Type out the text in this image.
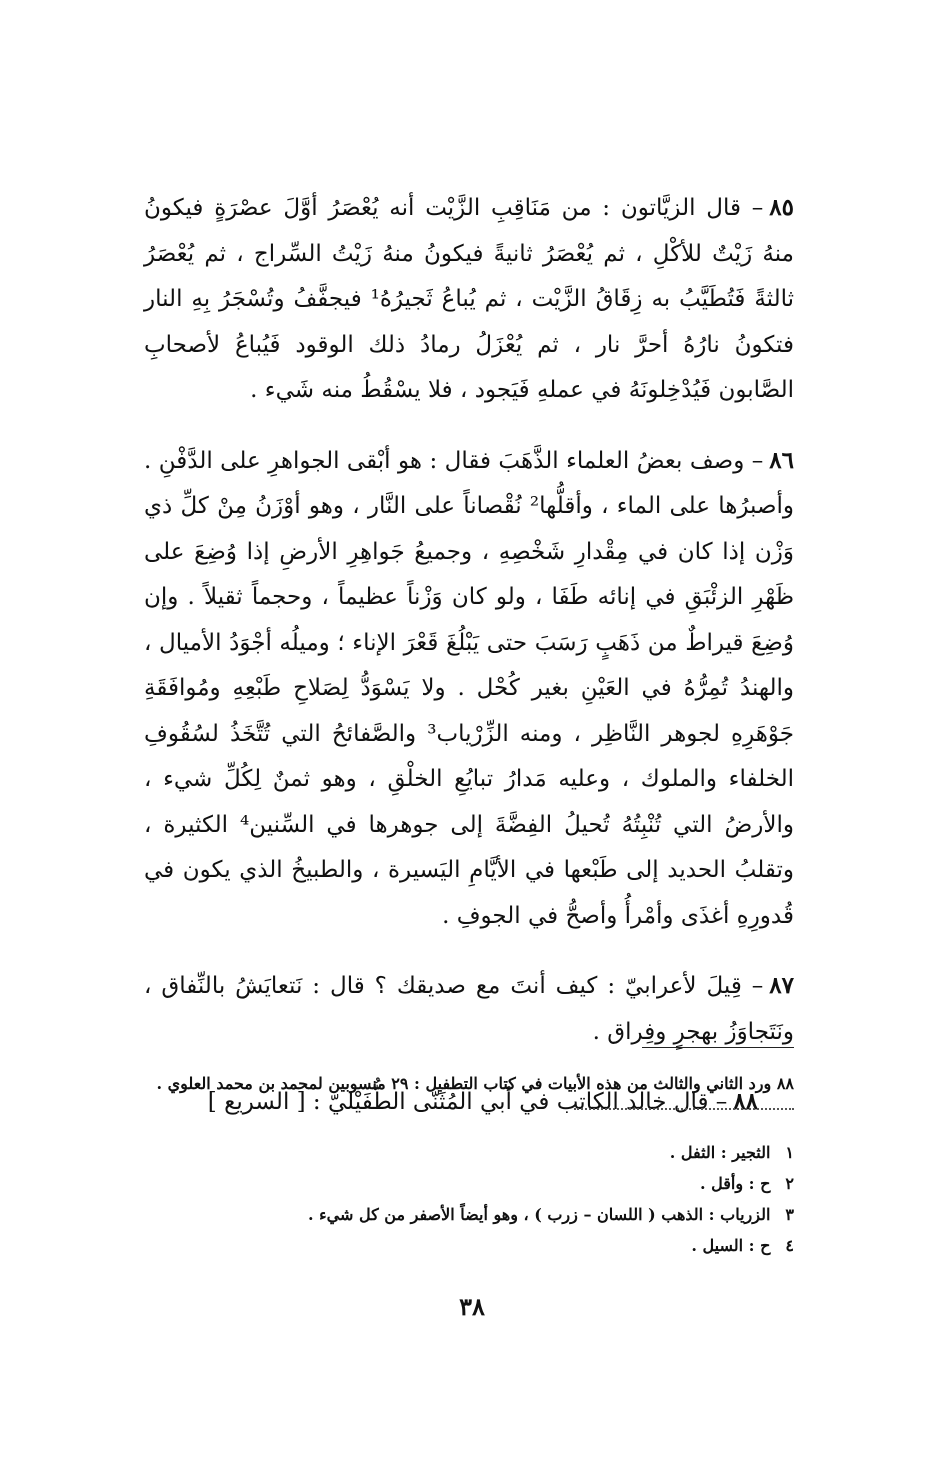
٨٥– قال الزيَّاتون : من مَنَاقِبِ الزَّيْت أنه يُعْصَرُ أوَّلَ عصْرَةٍ فيكونُ منهُ زَيْتٌ للأكْلِ ، ثم يُعْصَرُ ثانيةً فيكونُ منهُ زَيْتُ السِّراج ، ثم يُعْصَرُ ثالثةً فَتُطَيَّبُ به زِقَاقُ الزَّيْت ، ثم يُباعُ ثَجيرُهُ¹ فيجفَّفُ وتُسْجَرُ بِهِ النار فتكونُ نارُهُ أحرَّ نار ، ثم يُعْزَلُ رمادُ ذلك الوقود فَيُباعُ لأصحابِ الصَّابون فَيُدْخِلونَهُ في عملهِ فَيَجود ، فلا يسْقُطُ منه شَيء .

٨٦– وصف بعضُ العلماء الذَّهَبَ فقال : هو أبْقى الجواهرِ على الدَّفْنِ . وأصبرُها على الماء ، وأقلُّها² نُقْصاناً على النَّار ، وهو أوْزَنُ مِنْ كلِّ ذي وَزْن إذا كان في مِقْدارِ شَخْصِهِ ، وجميعُ جَواهِرِ الأرضِ إذا وُضِعَ على ظَهْرِ الزئْبَقِ في إنائه طَفَا ، ولو كان وَزْناً عظيماً ، وحجماً ثقيلاً . وإن وُضِعَ قيراطٌ من ذَهَبٍ رَسَبَ حتى يَبْلُغَ قَعْرَ الإناء ؛ وميلُه أجْوَدُ الأميال ، والهندُ تُمِرُّهُ في العَيْنِ بغير كُحْل . ولا يَسْوَدُّ لِصَلاحِ طَبْعِهِ ومُوافَقَةِ جَوْهَرِهِ لجوهر النَّاظِر ، ومنه الزِّرْياب³ والصَّفائحُ التي تُتَّخَذُ لسُقُوفِ الخلفاء والملوك ، وعليه مَدارُ تبايُعِ الخلْقِ ، وهو ثمنٌ لِكُلِّ شيء ، والأرضُ التي تُنْبِتُهُ تُحيلُ الفِضَّةَ إلى جوهرها في السِّنين⁴ الكثيرة ، وتقلبُ الحديد إلى طَبْعها في الأيَّامِ اليَسيرة ، والطبيخُ الذي يكون في قُدورِهِ أغذَى وأمْرأُ وأصحُّ في الجوفِ .

٨٧– قِيلَ لأعرابيّ : كيف أنتَ مع صديقك ؟ قال : نَتعايَشُ بالنِّفاق ، ونَتَجاوَزُ بهجرٍ وفِراق .

٨٨– قال خالد الكاتب في أبي المُثَنّى الطُّفَيْليّ : [ السريع ]

٨٨ ورد الثاني والثالث من هذه الأبيات في كتاب التطفيل : ٢٩ منسوبين لمحمد بن محمد العلوي .
١ الثجير : الثفل .
٢ ح : وأقل .
٣ الزرياب : الذهب ( اللسان – زرب ) ، وهو أيضاً الأصفر من كل شيء .
٤ ح : السيل .
٣٨
